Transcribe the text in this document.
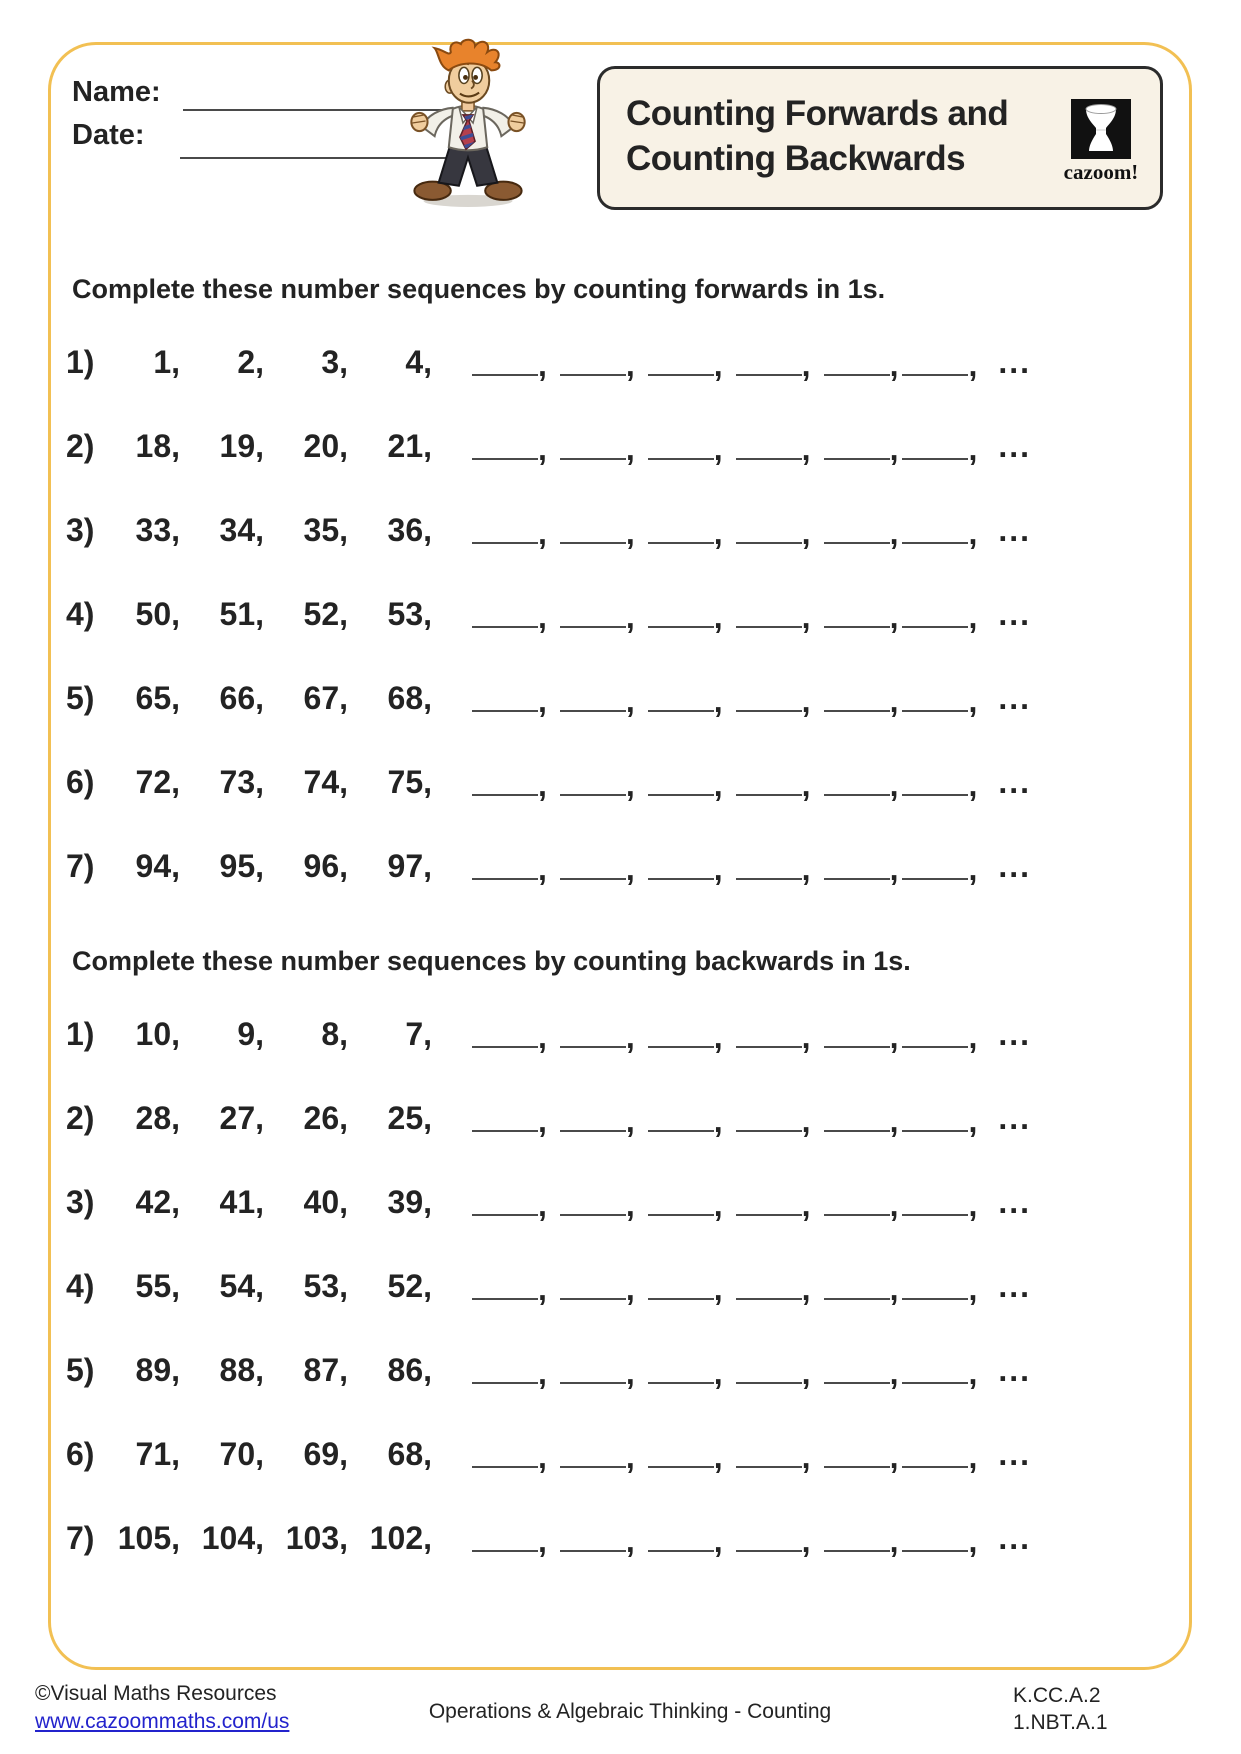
Name:
Date:
Counting Forwards and
Counting Backwards	cazoom!
Complete these number sequences by counting forwards in 1s.
1)	1,	2,	3,	4,	, , , , , , ...
2)	18,	19,	20,	21,	, , , , , , ...
3)	33,	34,	35,	36,	, , , , , , ...
4)	50,	51,	52,	53,	, , , , , , ...
5)	65,	66,	67,	68,	, , , , , , ...
6)	72,	73,	74,	75,	, , , , , , ...
7)	94,	95,	96,	97,	, , , , , , ...
Complete these number sequences by counting backwards in 1s.
1)	10,	9,	8,	7,	, , , , , , ...
2)	28,	27,	26,	25,	, , , , , , ...
3)	42,	41,	40,	39,	, , , , , , ...
4)	55,	54,	53,	52,	, , , , , , ...
5)	89,	88,	87,	86,	, , , , , , ...
6)	71,	70,	69,	68,	, , , , , , ...
7) 105, 104, 103, 102,	, , , , , , ...
©Visual Maths Resources
www.cazoommaths.com/us	Operations & Algebraic Thinking - Counting
K.CC.A.2
1.NBT.A.1
